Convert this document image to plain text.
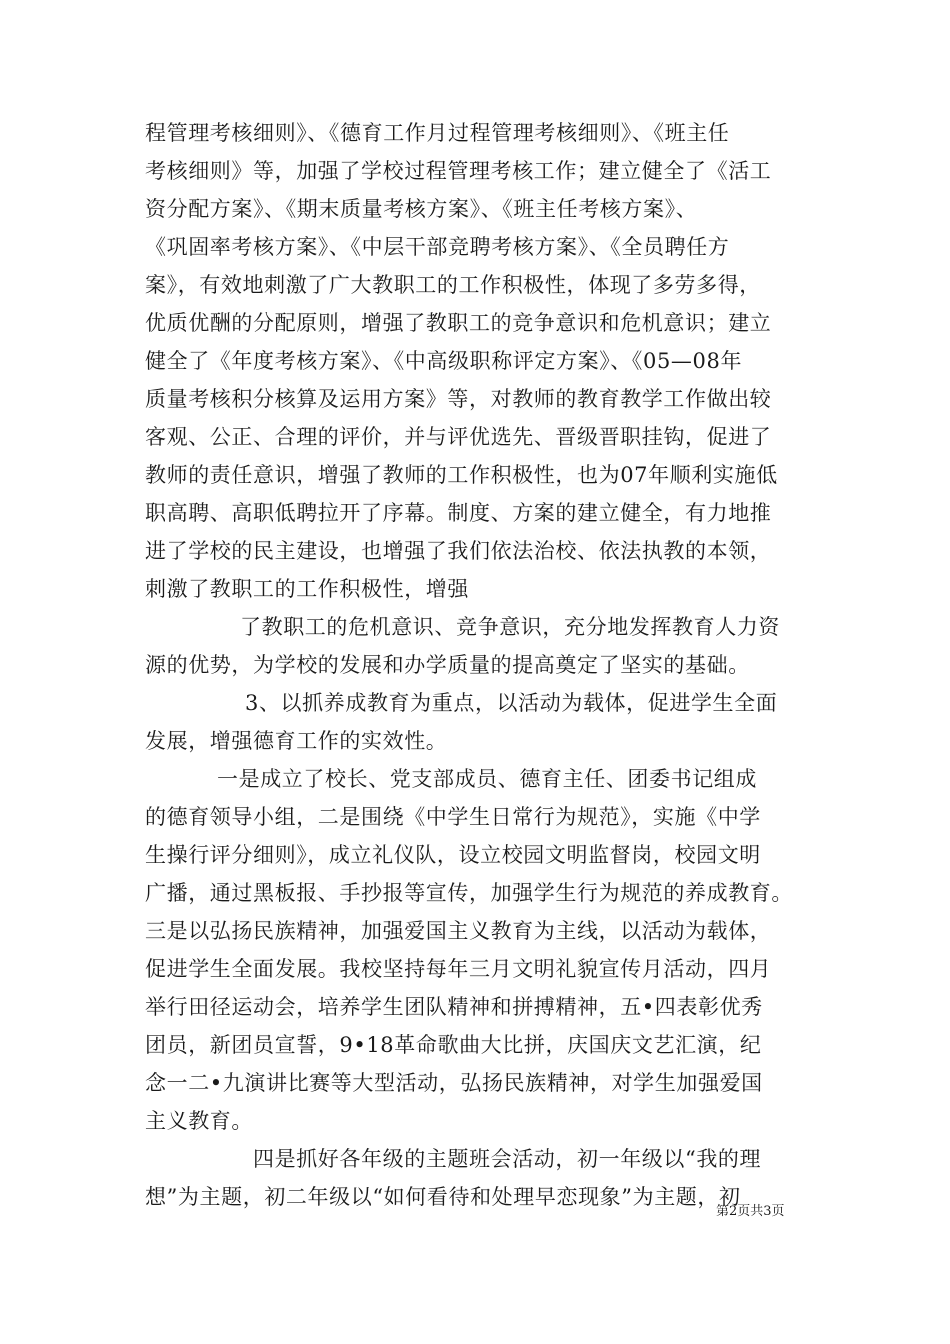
程管理考核细则》、《德育工作月过程管理考核细则》、《班主任
考核细则》等，加强了学校过程管理考核工作；建立健全了《活工
资分配方案》、《期末质量考核方案》、《班主任考核方案》、
《巩固率考核方案》、《中层干部竞聘考核方案》、《全员聘任方
案》，有效地刺激了广大教职工的工作积极性，体现了多劳多得，
优质优酬的分配原则，增强了教职工的竞争意识和危机意识；建立
健全了《年度考核方案》、《中高级职称评定方案》、《05—08年
质量考核积分核算及运用方案》等，对教师的教育教学工作做出较
客观、公正、合理的评价，并与评优选先、晋级晋职挂钩，促进了
教师的责任意识，增强了教师的工作积极性，也为07年顺利实施低
职高聘、高职低聘拉开了序幕。制度、方案的建立健全，有力地推
进了学校的民主建设，也增强了我们依法治校、依法执教的本领，
刺激了教职工的工作积极性，增强
了教职工的危机意识、竞争意识，充分地发挥教育人力资
源的优势，为学校的发展和办学质量的提高奠定了坚实的基础。
3、以抓养成教育为重点，以活动为载体，促进学生全面
发展，增强德育工作的实效性。
一是成立了校长、党支部成员、德育主任、团委书记组成
的德育领导小组，二是围绕《中学生日常行为规范》，实施《中学
生操行评分细则》，成立礼仪队，设立校园文明监督岗，校园文明
广播，通过黑板报、手抄报等宣传，加强学生行为规范的养成教育。
三是以弘扬民族精神，加强爱国主义教育为主线，以活动为载体，
促进学生全面发展。我校坚持每年三月文明礼貌宣传月活动，四月
举行田径运动会，培养学生团队精神和拼搏精神，五•四表彰优秀
团员，新团员宣誓，9•18革命歌曲大比拼，庆国庆文艺汇演，纪
念一二•九演讲比赛等大型活动，弘扬民族精神，对学生加强爱国
主义教育。
四是抓好各年级的主题班会活动，初一年级以“我的理
想”为主题，初二年级以“如何看待和处理早恋现象”为主题，初
第2页共3页
